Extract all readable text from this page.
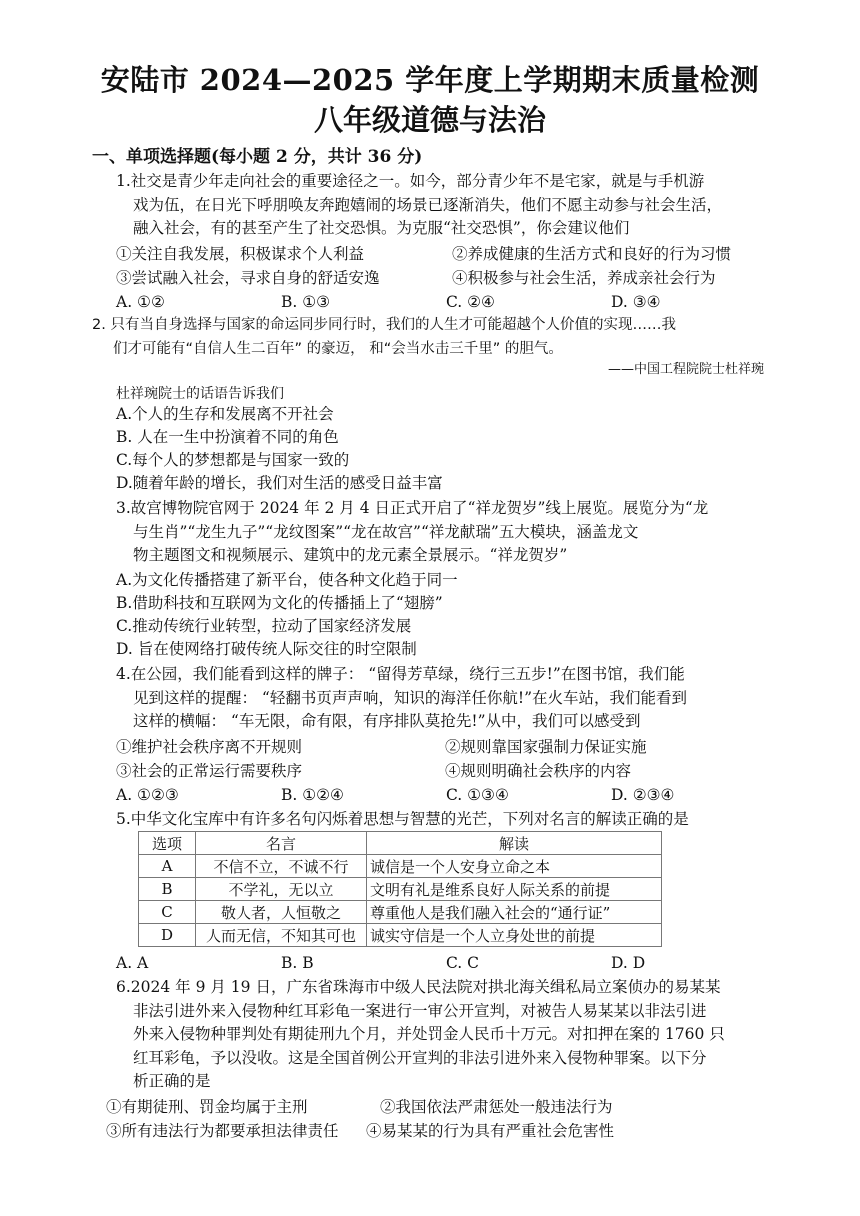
安陆市 2024—2025 学年度上学期期末质量检测
八年级道德与法治
一、单项选择题(每小题 2 分，共计 36 分)
1.社交是青少年走向社会的重要途径之一。如今，部分青少年不是宅家，就是与手机游
戏为伍，在日光下呼朋唤友奔跑嬉闹的场景已逐渐消失，他们不愿主动参与社会生活，
融入社会，有的甚至产生了社交恐惧。为克服“社交恐惧”，你会建议他们
①关注自我发展，积极谋求个人利益	②养成健康的生活方式和良好的行为习惯
③尝试融入社会，寻求自身的舒适安逸	④积极参与社会生活，养成亲社会行为
A. ①②	B. ①③	C. ②④	D. ③④
2. 只有当自身选择与国家的命运同步同行时，我们的人生才可能超越个人价值的实现……我
们才可能有“自信人生二百年” 的豪迈， 和“会当水击三千里” 的胆气。
——中国工程院院士杜祥琬
杜祥琬院士的话语告诉我们
A.个人的生存和发展离不开社会
B. 人在一生中扮演着不同的角色
C.每个人的梦想都是与国家一致的
D.随着年龄的增长，我们对生活的感受日益丰富
3.故宫博物院官网于 2024 年 2 月 4 日正式开启了“祥龙贺岁”线上展览。展览分为“龙
与生肖”“龙生九子”“龙纹图案”“龙在故宫”“祥龙献瑞”五大模块，涵盖龙文
物主题图文和视频展示、建筑中的龙元素全景展示。“祥龙贺岁”
A.为文化传播搭建了新平台，使各种文化趋于同一
B.借助科技和互联网为文化的传播插上了“翅膀”
C.推动传统行业转型，拉动了国家经济发展
D. 旨在使网络打破传统人际交往的时空限制
4.在公园，我们能看到这样的牌子： “留得芳草绿，绕行三五步!”在图书馆，我们能
见到这样的提醒： “轻翻书页声声响，知识的海洋任你航!”在火车站，我们能看到
这样的横幅： “车无限，命有限，有序排队莫抢先!”从中，我们可以感受到
①维护社会秩序离不开规则	②规则靠国家强制力保证实施
③社会的正常运行需要秩序	④规则明确社会秩序的内容
A. ①②③	B. ①②④	C. ①③④	D. ②③④
5.中华文化宝库中有许多名句闪烁着思想与智慧的光芒，下列对名言的解读正确的是
选项	名言	解读
A	不信不立，不诚不行	诚信是一个人安身立命之本
B	不学礼，无以立	文明有礼是维系良好人际关系的前提
C	敬人者，人恒敬之	尊重他人是我们融入社会的“通行证”
D	人而无信，不知其可也	诚实守信是一个人立身处世的前提
A. A	B. B	C. C	D. D
6.2024 年 9 月 19 日，广东省珠海市中级人民法院对拱北海关缉私局立案侦办的易某某
非法引进外来入侵物种红耳彩龟一案进行一审公开宣判，对被告人易某某以非法引进
外来入侵物种罪判处有期徒刑九个月，并处罚金人民币十万元。对扣押在案的 1760 只
红耳彩龟，予以没收。这是全国首例公开宣判的非法引进外来入侵物种罪案。以下分
析正确的是
①有期徒刑、罚金均属于主刑	②我国依法严肃惩处一般违法行为
③所有违法行为都要承担法律责任 ④易某某的行为具有严重社会危害性
